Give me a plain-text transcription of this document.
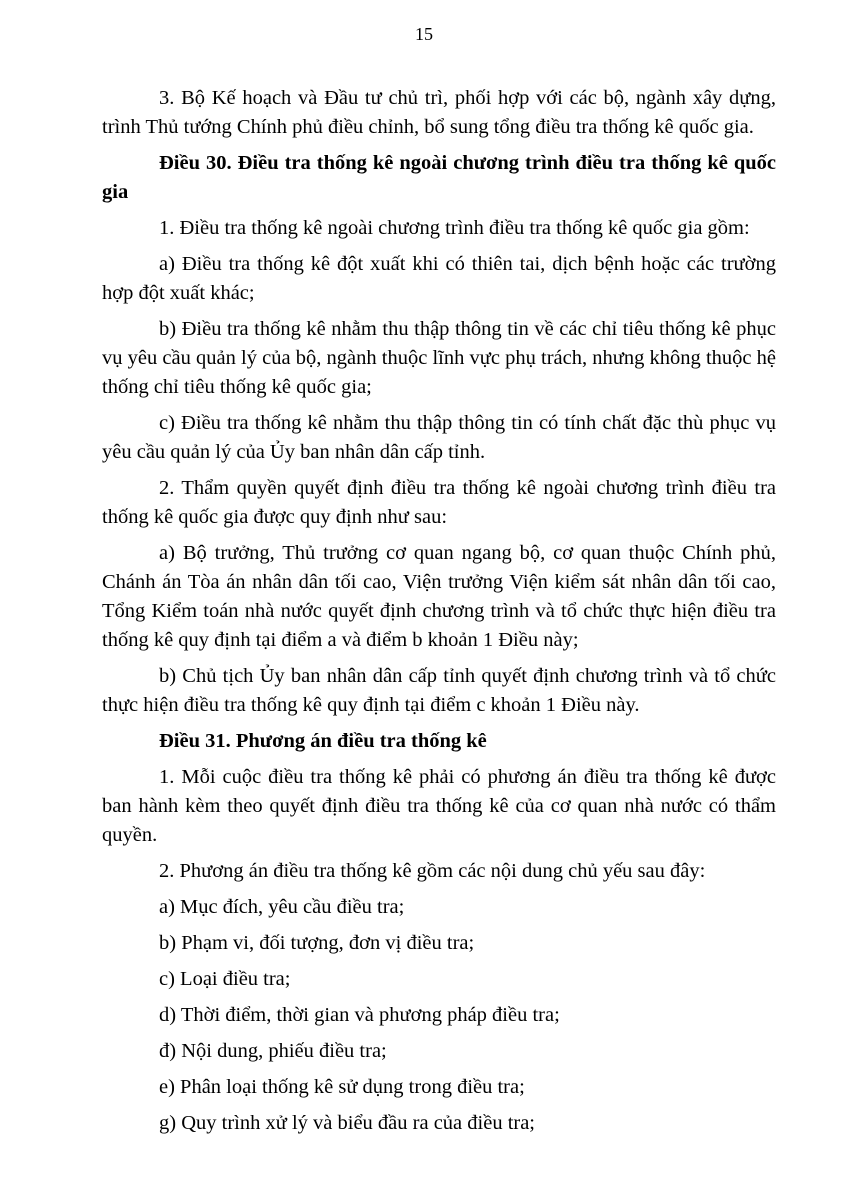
15

3. Bộ Kế hoạch và Đầu tư chủ trì, phối hợp với các bộ, ngành xây dựng, trình Thủ tướng Chính phủ điều chỉnh, bổ sung tổng điều tra thống kê quốc gia.

Điều 30. Điều tra thống kê ngoài chương trình điều tra thống kê quốc gia

1. Điều tra thống kê ngoài chương trình điều tra thống kê quốc gia gồm:

a) Điều tra thống kê đột xuất khi có thiên tai, dịch bệnh hoặc các trường hợp đột xuất khác;

b) Điều tra thống kê nhằm thu thập thông tin về các chỉ tiêu thống kê phục vụ yêu cầu quản lý của bộ, ngành thuộc lĩnh vực phụ trách, nhưng không thuộc hệ thống chỉ tiêu thống kê quốc gia;

c) Điều tra thống kê nhằm thu thập thông tin có tính chất đặc thù phục vụ yêu cầu quản lý của Ủy ban nhân dân cấp tỉnh.

2. Thẩm quyền quyết định điều tra thống kê ngoài chương trình điều tra thống kê quốc gia được quy định như sau:

a) Bộ trưởng, Thủ trưởng cơ quan ngang bộ, cơ quan thuộc Chính phủ, Chánh án Tòa án nhân dân tối cao, Viện trưởng Viện kiểm sát nhân dân tối cao, Tổng Kiểm toán nhà nước quyết định chương trình và tổ chức thực hiện điều tra thống kê quy định tại điểm a và điểm b khoản 1 Điều này;

b) Chủ tịch Ủy ban nhân dân cấp tỉnh quyết định chương trình và tổ chức thực hiện điều tra thống kê quy định tại điểm c khoản 1 Điều này.

Điều 31. Phương án điều tra thống kê

1. Mỗi cuộc điều tra thống kê phải có phương án điều tra thống kê được ban hành kèm theo quyết định điều tra thống kê của cơ quan nhà nước có thẩm quyền.

2. Phương án điều tra thống kê gồm các nội dung chủ yếu sau đây:

a) Mục đích, yêu cầu điều tra;

b) Phạm vi, đối tượng, đơn vị điều tra;

c) Loại điều tra;

d) Thời điểm, thời gian và phương pháp điều tra;

đ) Nội dung, phiếu điều tra;

e) Phân loại thống kê sử dụng trong điều tra;

g) Quy trình xử lý và biểu đầu ra của điều tra;
